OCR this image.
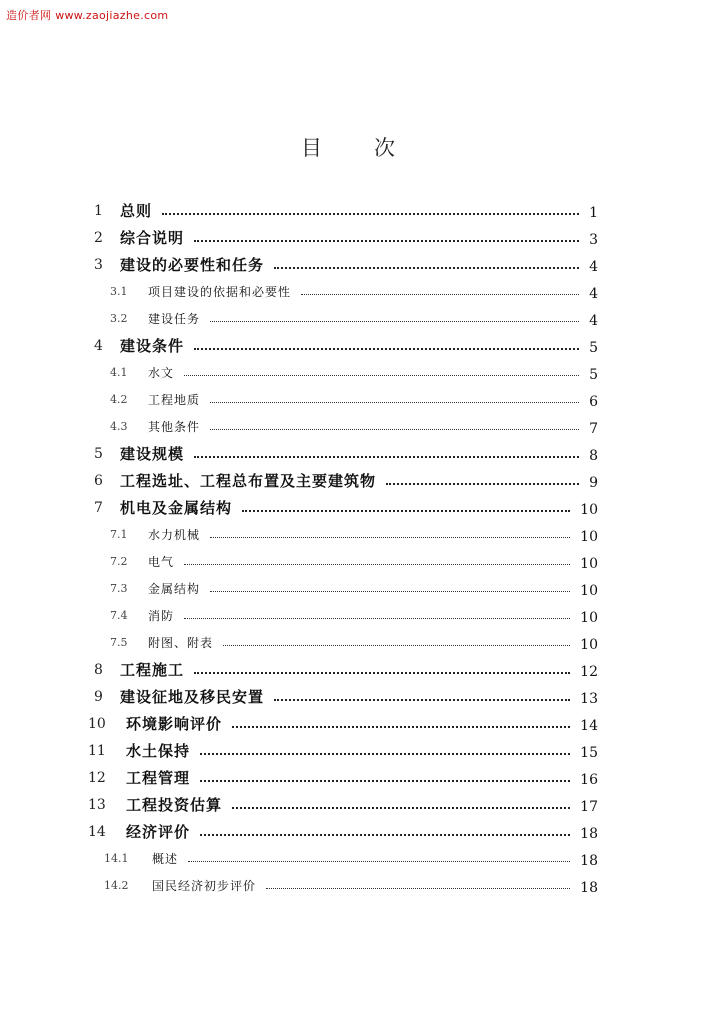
造价者网 www.zaojiazhe.com
目 次
1 总则	1
2 综合说明	3
3 建设的必要性和任务	4
3.1 项目建设的依据和必要性	4
3.2 建设任务	4
4 建设条件	5
4.1 水文	5
4.2 工程地质	6
4.3 其他条件	7
5 建设规模	8
6 工程选址、工程总布置及主要建筑物	9
7 机电及金属结构	10
7.1 水力机械	10
7.2 电气	10
7.3 金属结构	10
7.4 消防	10
7.5 附图、附表	10
8 工程施工	12
9 建设征地及移民安置	13
10 环境影响评价	14
11 水土保持	15
12 工程管理	16
13 工程投资估算	17
14 经济评价	18
14.1 概述	18
14.2 国民经济初步评价	18
